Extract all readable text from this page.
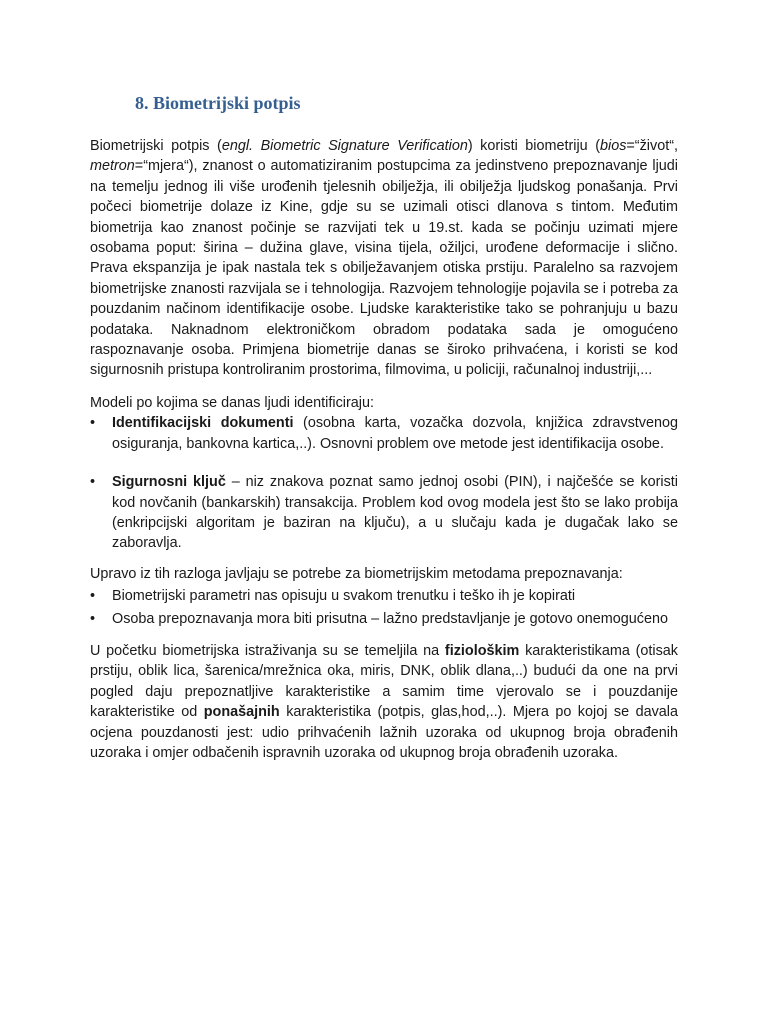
8. Biometrijski potpis

Biometrijski potpis (engl. Biometric Signature Verification) koristi biometriju (bios=“život“, metron=“mjera“), znanost o automatiziranim postupcima za jedinstveno prepoznavanje ljudi na temelju jednog ili više urođenih tjelesnih obilježja, ili obilježja ljudskog ponašanja. Prvi počeci biometrije dolaze iz Kine, gdje su se uzimali otisci dlanova s tintom. Međutim biometrija kao znanost počinje se razvijati tek u 19.st. kada se počinju uzimati mjere osobama poput: širina – dužina glave, visina tijela, ožiljci, urođene deformacije i slično. Prava ekspanzija je ipak nastala tek s obilježavanjem otiska prstiju. Paralelno sa razvojem biometrijske znanosti razvijala se i tehnologija. Razvojem tehnologije pojavila se i potreba za pouzdanim načinom identifikacije osobe. Ljudske karakteristike tako se pohranjuju u bazu podataka. Naknadnom elektroničkom obradom podataka sada je omogućeno raspoznavanje osoba. Primjena biometrije danas se široko prihvaćena, i koristi se kod sigurnosnih pristupa kontroliranim prostorima, filmovima, u policiji, računalnoj industriji,...

Modeli po kojima se danas ljudi identificiraju:

•	Identifikacijski dokumenti (osobna karta, vozačka dozvola, knjižica zdravstvenog osiguranja, bankovna kartica,..). Osnovni problem ove metode jest identifikacija osobe.
•	Sigurnosni ključ – niz znakova poznat samo jednoj osobi (PIN), i najčešće se koristi kod novčanih (bankarskih) transakcija. Problem kod ovog modela jest što se lako probija (enkripcijski algoritam je baziran na ključu), a u slučaju kada je dugačak lako se zaboravlja.

Upravo iz tih razloga javljaju se potrebe za biometrijskim metodama prepoznavanja:

•	Biometrijski parametri nas opisuju u svakom trenutku i teško ih je kopirati
•	Osoba prepoznavanja mora biti prisutna – lažno predstavljanje je gotovo onemogućeno

U početku biometrijska istraživanja su se temeljila na fiziološkim karakteristikama (otisak prstiju, oblik lica, šarenica/mrežnica oka, miris, DNK, oblik dlana,..) budući da one na prvi pogled daju prepoznatljive karakteristike a samim time vjerovalo se i pouzdanije karakteristike od ponašajnih karakteristika (potpis, glas,hod,..). Mjera po kojoj se davala ocjena pouzdanosti jest: udio prihvaćenih lažnih uzoraka od ukupnog broja obrađenih uzoraka i omjer odbačenih ispravnih uzoraka od ukupnog broja obrađenih uzoraka.
